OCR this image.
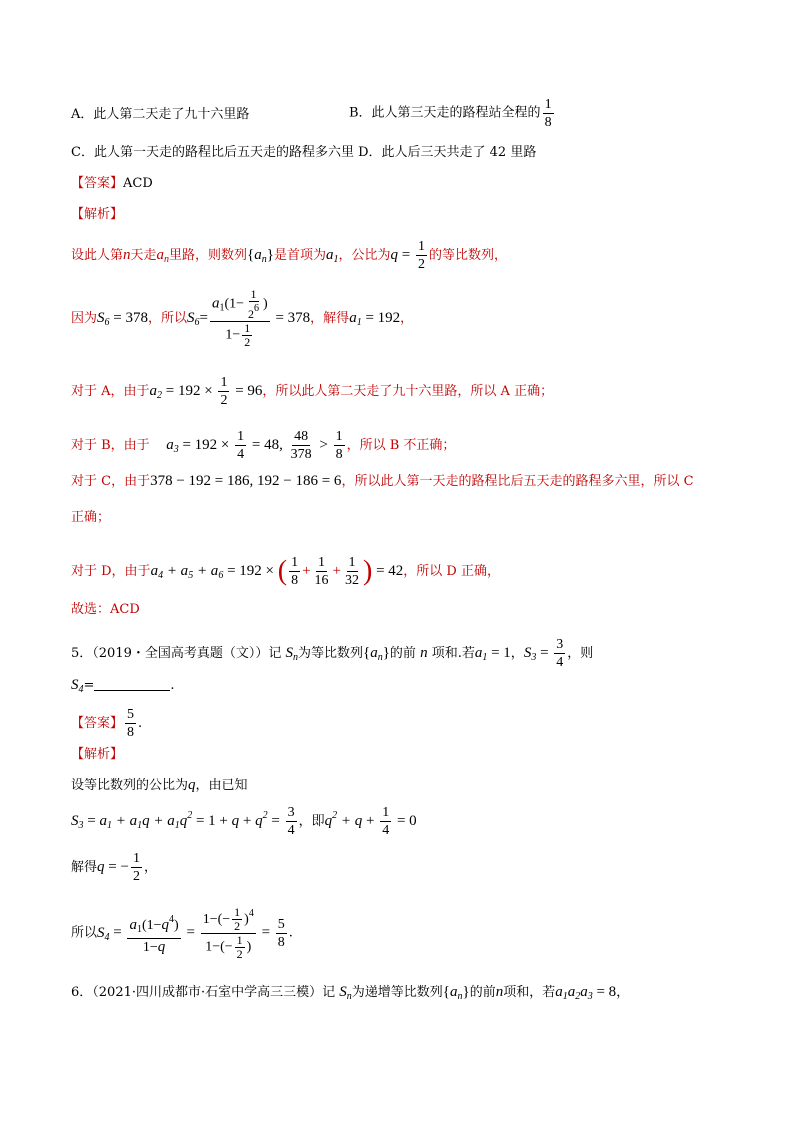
A．此人第二天走了九十六里路	B．此人第三天走的路程站全程的 $\frac{1}{8}$
C．此人第一天走的路程比后五天走的路程多六里 D．此人后三天共走了 42 里路
【答案】ACD
【解析】
设此人第n天走$a_n$里路，则数列$\{a_n\}$是首项为$a_1$，公比为$q = \frac{1}{2}$ 的等比数列，
因为$S_6 = 378$，所以$S_6= \frac{a_1(1- \frac{1}{2^6} )}{1- \frac{1}{2}} = 378$，解得$a_1 = 192$，
对于 A，由于$a_2 = 192 \times \frac{1}{2} = 96$，所以此人第二天走了九十六里路，所以 A 正确；
对于 B，由于 $a_3 = 192 \times \frac{1}{4} = 48$, $\frac{48}{378} > \frac{1}{8}$ ，所以 B 不正确；
对于 C，由于378 − 192 = 186, 192 − 186 = 6，所以此人第一天走的路程比后五天走的路程多六里，所以 C
正确；
对于 D，由于$a_4 + a_5 + a_6 = 192$ × ( $\frac{1}{8} + \frac{1}{16} + \frac{1}{32}$ ) = 42，所以 D 正确，
故选：ACD
5．（2019・全国高考真题（文））记 $S_n$为等比数列$\{a_n\}$的前 n 项和.若$a_1 = 1$，$S_3 = \frac{3}{4}$ ，则
$S_4=$	.
【答案】 $\frac{5}{8}$ .
【解析】
设等比数列的公比为q，由已知
$S_3 = a_1 + a_1q + a_1q^2 = 1 + q + q^2 = \frac{3}{4}$ ，即$q^2 + q + \frac{1}{4} = 0$
解得q = − $\frac{1}{2}$ ，
所以$S_4 = \frac{a_1(1-q^4)}{1-q} = \frac{1-(- \frac{1}{2} )^4}{1-(- \frac{1}{2} )} = \frac{5}{8}$ .
6．（2021·四川成都市·石室中学高三三模）记 $S_n$为递增等比数列$\{a_n\}$的前n项和，若$a_1a_2a_3 = 8$，
